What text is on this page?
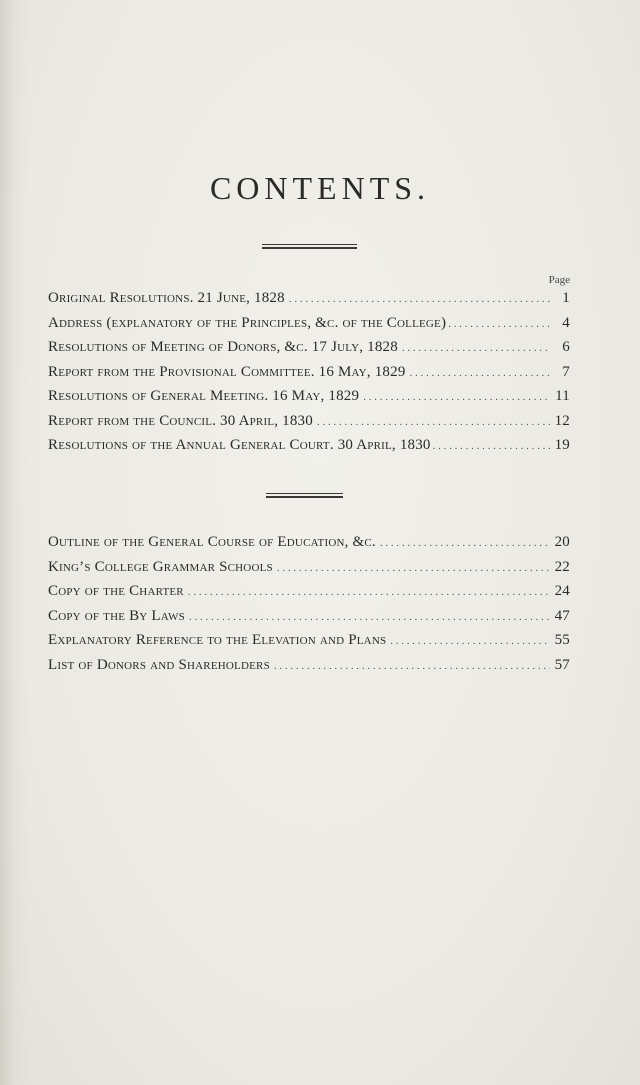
CONTENTS.
Page
Original Resolutions. 21 June, 1828 . . .	1
Address (explanatory of the Principles, &c. of the College) . . .	4
Resolutions of Meeting of Donors, &c. 17 July, 1828 . . .	6
Report from the Provisional Committee. 16 May, 1829 . . .	7
Resolutions of General Meeting. 16 May, 1829 . . .	11
Report from the Council. 30 April, 1830 . . .	12
Resolutions of the Annual General Court. 30 April, 1830 . . .	19
Outline of the General Course of Education, &c. . . .	20
King’s College Grammar Schools . . .	22
Copy of the Charter . . .	24
Copy of the By Laws . . .	47
Explanatory Reference to the Elevation and Plans . . .	55
List of Donors and Shareholders . . .	57
